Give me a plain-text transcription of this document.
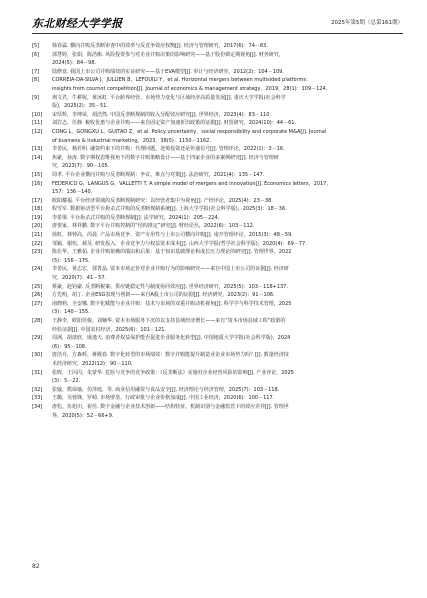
东北财经大学学报	2025年第5期（总第161期）
[5]	韩春霖. 横向并购反垄断审查中的效率与反竞争效应权衡[J]. 经济与管理研究，2017(6)：74－83.
[6]	郭慧婷，张娟，陈浩彬. 风险投资参与对企业并购决策的影响研究——基于股份锁定期视角[J]. 财务研究，
2024(5)：84－98.
[7]	陆修竟. 我国上市公司并购绩效的实证研究——基于EVA模型[J]. 审计与经济研究，2012(2)：104－109.
[8]	CORREIA-DA-SILVA J，JULLIEN B，LEFOUILI Y，et al. Horizontal mergers between multisided platforms：
insights from cournot competition[J]. Journal of economics & management strategy，2019，28(1)：109－124.
[9]	荆文君，牛耕妮，黄冰虹. 平台跨界经营、市场势力变化与区域经济高质量发展[J]. 重庆大学学报(社会科学
版)，2025(2)：35－51.
[10] 宋厚辉，李坤荣，胡浩然. 中国反垄断规制的收入分配效应研究[J]. 世界经济，2023(4)：83－110.
[11] 刘岩志，任静. 税收优惠与企业并购——来自固定资产加速折旧政策的证据[J]. 财贸研究，2024(10)：44－61.
[12] CONG L，GONGXU L，GUITAO Z，et al. Policy uncertainty，social responsibility and corporate M&A[J]. Journal
of business & industrial marketing，2023，38(5)：1150－1162.
[13] 李善民，杨若明. 融资约束下的并购：代理问题、逆境投资还是传递信号[J]. 管理评论，2022(1)：3－16.
[14] 焦豪，孙涛. 数字期权思维视角下的数字并购策略设计——基于四家企业的多案例研究[J]. 经济与管理研
究，2023(7)：90－105.
[15] 周孝. 平台企业横向并购与反垄断规制：争议、难点与对策[J]. 法治研究，2021(4)：135－147.
[16] FEDERICO G，LANGUS G，VALLETTI T. A simple model of mergers and innovation[J]. Economics letters，2017，
157：136－140.
[17] 欧阳耀福. 平台经济领域的反垄断规制研究：以经营者集中为视角[J]. 产经评论，2025(4)：23－38.
[18] 程雪军. 数据驱动型平台扼杀式并购的反垄断规制系统[J]. 上海大学学报(社会科学版)，2025(3)：18－36.
[19] 李希梁. 平台扼杀式并购的反垄断规制[J]. 法学研究，2024(1)：205－224.
[20] 唐要家，林祥鹏. 数字平台并购控制的“结构推定”研究[J]. 财经论丛，2022(6)：103－112.
[21] 徐虹，林钟高，芮晨. 产品市场竞争、资产专用性与上市公司横向并购[J]. 南开管理评论，2015(3)：48－59.
[22] 邹颖，谢恒，郝昊. 研发投入、企业竞争力与权益资本成本[J]. 山西大学学报(哲学社会科学版)，2020(4)：69－77.
[23] 陈仕华，王雅茹. 企业并购依赖的缰由和后果：基于知识基础理论和成长压力理论的研究[J]. 管理世界，2022
(5)：156－175.
[24] 李善民，黄志宏，郭菁晶. 资本市场定价对企业并购行为的影响研究——来自中国上市公司的证据[J]. 经济研
究，2020(7)：41－57.
[25] 蔡豪，赵钧豪. 反垄断税案、供应链稳定性与制度协同效应[J]. 世界经济研究，2025(5)：103－118+137.
[26] 方先明，胡丁. 企业ESG表现与创新——来自A股上市公司的证据[J]. 经济研究，2023(2)：91－106.
[27] 南晓莉，全安娜. 数字化赋能与企业并购：技术与市场的双重并购动机视角[J]. 科学学与科学技术管理，2025
(3)：140－155.
[28] 王静李，欧阳佳俊，刘楠华. 资本市场服务下沉的以支持县域经济增长——来自“资本市场县域工程”政策的
经验证据[J]. 中国农村经济，2025(6)：101－121.
[29] 周洲，胡歆欣，虞逸天. 消费者权益保护能否促进企业服务化转型[J]. 中国地质大学学报(社会科学版)，2024
(6)：95－108.
[30] 唐浩丹，方森辉，蒋殿春. 数字化转型的市场绩效：数字并购能提升制造业企业市场势力吗？[J]. 数量经济技
术经济研究，2022(12)：90－110.
[31] 张晖，王闪闪，朱蒙华. 危险与竞争的竞争政策：《反垄断法》实施对企业经营风险的影响[J]. 产业评论，2025
(3)：5－22.
[32] 张璇，熊保瑜，仿泽庭，等. 商业信用融资与食品安全[J]. 经济理论与经济管理，2025(7)：103－118.
[33] 王璐，吴蓉锋，罗崎. 市场壁垒、行政审批与企业价格加成[J]. 中国工业经济，2020(6)：100－117.
[34] 唐松，伍旭川，祝佳. 数字金融与企业技术创新——结构特征、机制识别与金融监管下的效应差异[J]. 管理世
界，2020(5)：52－66+9.
82
